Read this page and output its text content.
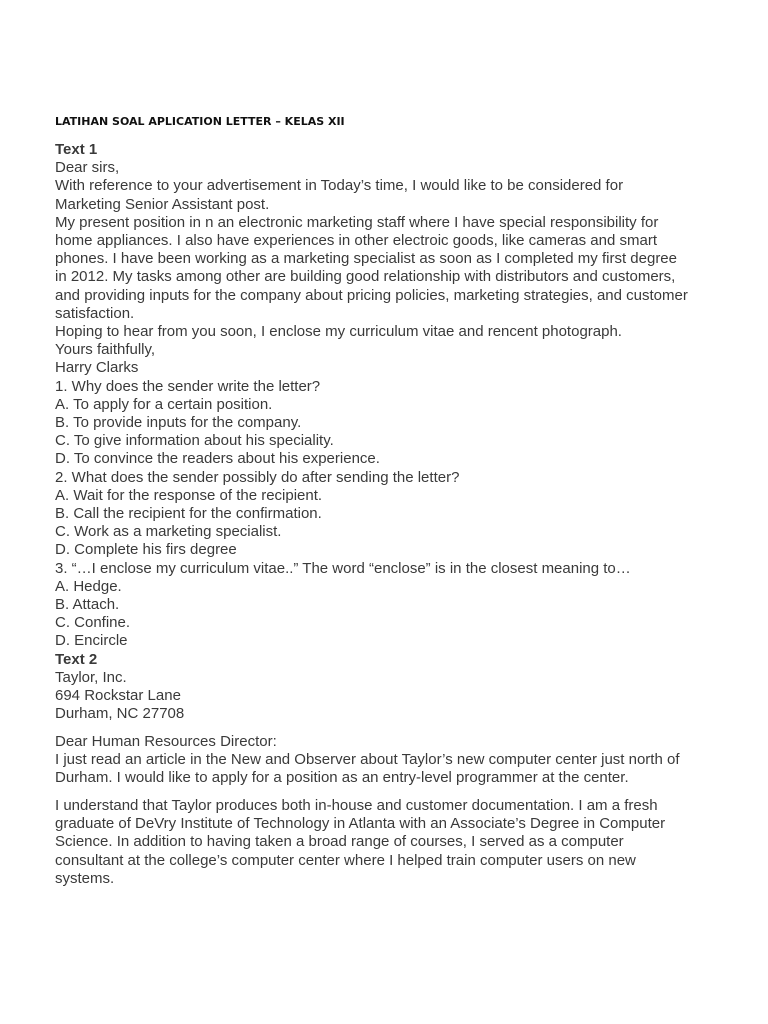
LATIHAN SOAL APLICATION LETTER – KELAS XII
Text 1
Dear sirs,
With reference to your advertisement in Today’s time, I would like to be considered for
Marketing Senior Assistant post.
My present position in n an electronic marketing staff where I have special responsibility for
home appliances. I also have experiences in other electroic goods, like cameras and smart
phones. I have been working as a marketing specialist as soon as I completed my first degree
in 2012. My tasks among other are building good relationship with distributors and customers,
and providing inputs for the company about pricing policies, marketing strategies, and customer
satisfaction.
Hoping to hear from you soon, I enclose my curriculum vitae and rencent photograph.
Yours faithfully,
Harry Clarks
1. Why does the sender write the letter?
A. To apply for a certain position.
B. To provide inputs for the company.
C. To give information about his speciality.
D. To convince the readers about his experience.
2. What does the sender possibly do after sending the letter?
A. Wait for the response of the recipient.
B. Call the recipient for the confirmation.
C. Work as a marketing specialist.
D. Complete his firs degree
3. “…I enclose my curriculum vitae..” The word “enclose” is in the closest meaning to…
A. Hedge.
B. Attach.
C. Confine.
D. Encircle
Text 2
Taylor, Inc.
694 Rockstar Lane
Durham, NC 27708
Dear Human Resources Director:
I just read an article in the New and Observer about Taylor’s new computer center just north of
Durham. I would like to apply for a position as an entry-level programmer at the center.
I understand that Taylor produces both in-house and customer documentation. I am a fresh
graduate of DeVry Institute of Technology in Atlanta with an Associate’s Degree in Computer
Science. In addition to having taken a broad range of courses, I served as a computer
consultant at the college’s computer center where I helped train computer users on new
systems.
